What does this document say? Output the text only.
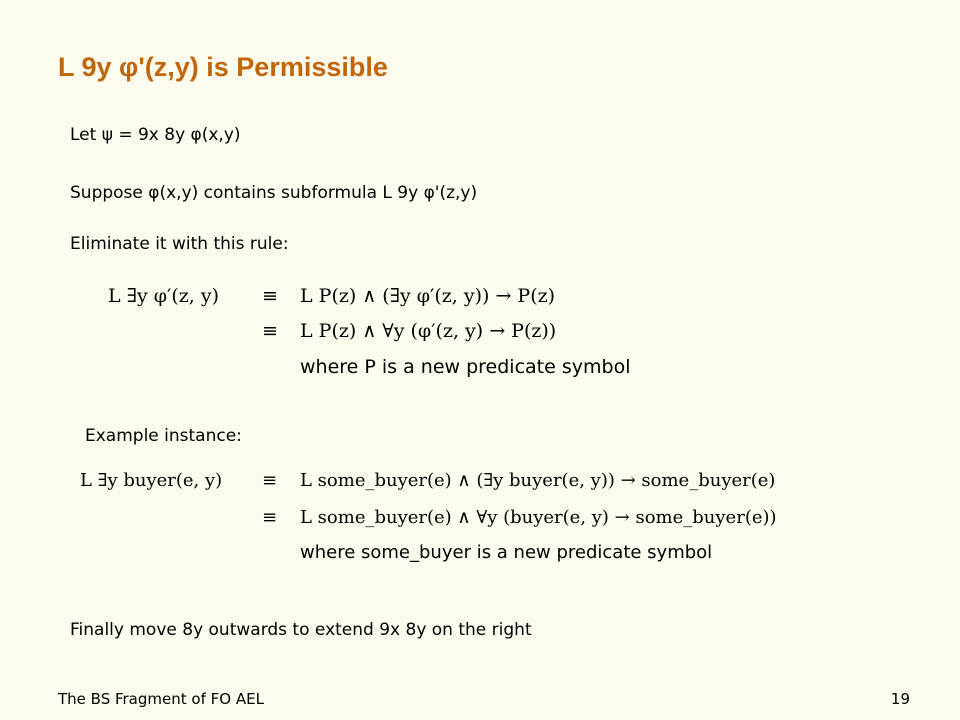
L 9y φ'(z,y) is Permissible
Let ψ = 9x 8y φ(x,y)
Suppose φ(x,y) contains subformula L 9y φ'(z,y)
Eliminate it with this rule:
L ∃y φ′(z, y) ≡ L P(z) ∧ (∃y φ′(z, y)) → P(z)
≡ L P(z) ∧ ∀y (φ′(z, y) → P(z))
where P is a new predicate symbol
Example instance:
L ∃y buyer(e, y) ≡ L some_buyer(e) ∧ (∃y buyer(e, y)) → some_buyer(e)
≡ L some_buyer(e) ∧ ∀y (buyer(e, y) → some_buyer(e))
where some_buyer is a new predicate symbol
Finally move 8y outwards to extend 9x 8y on the right
The BS Fragment of FO AEL	19
